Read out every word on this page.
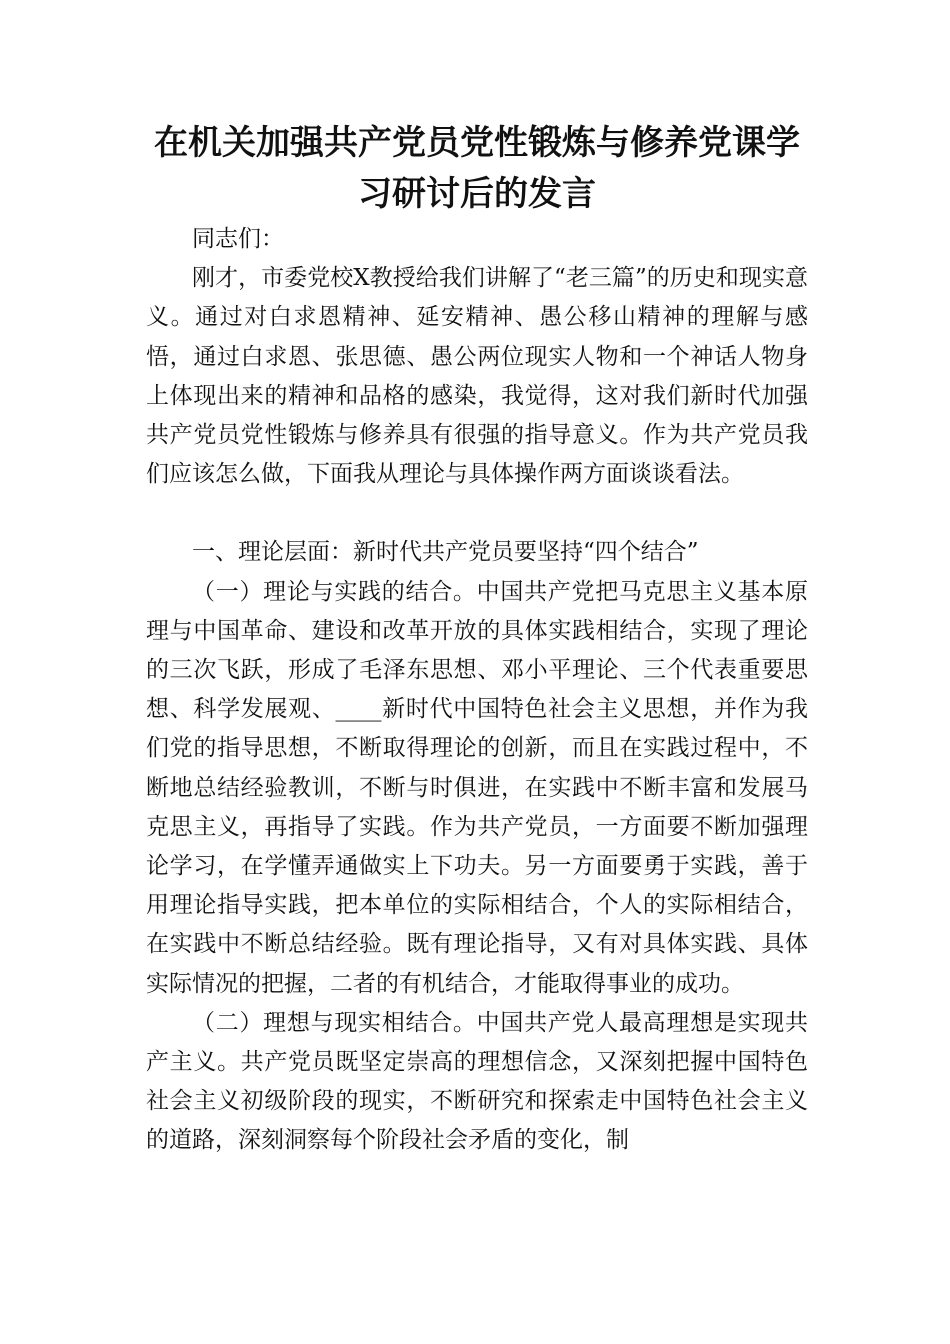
在机关加强共产党员党性锻炼与修养党课学
习研讨后的发言

同志们：

刚才，市委党校X教授给我们讲解了“老三篇”的历史和现实意义。通过对白求恩精神、延安精神、愚公移山精神的理解与感悟，通过白求恩、张思德、愚公两位现实人物和一个神话人物身上体现出来的精神和品格的感染，我觉得，这对我们新时代加强共产党员党性锻炼与修养具有很强的指导意义。作为共产党员我们应该怎么做，下面我从理论与具体操作两方面谈谈看法。

一、理论层面：新时代共产党员要坚持“四个结合”

（一）理论与实践的结合。中国共产党把马克思主义基本原理与中国革命、建设和改革开放的具体实践相结合，实现了理论的三次飞跃，形成了毛泽东思想、邓小平理论、三个代表重要思想、科学发展观、____新时代中国特色社会主义思想，并作为我们党的指导思想，不断取得理论的创新，而且在实践过程中，不断地总结经验教训，不断与时俱进，在实践中不断丰富和发展马克思主义，再指导了实践。作为共产党员，一方面要不断加强理论学习，在学懂弄通做实上下功夫。另一方面要勇于实践，善于用理论指导实践，把本单位的实际相结合，个人的实际相结合，在实践中不断总结经验。既有理论指导，又有对具体实践、具体实际情况的把握，二者的有机结合，才能取得事业的成功。

（二）理想与现实相结合。中国共产党人最高理想是实现共产主义。共产党员既坚定崇高的理想信念，又深刻把握中国特色社会主义初级阶段的现实，不断研究和探索走中国特色社会主义的道路，深刻洞察每个阶段社会矛盾的变化，制
